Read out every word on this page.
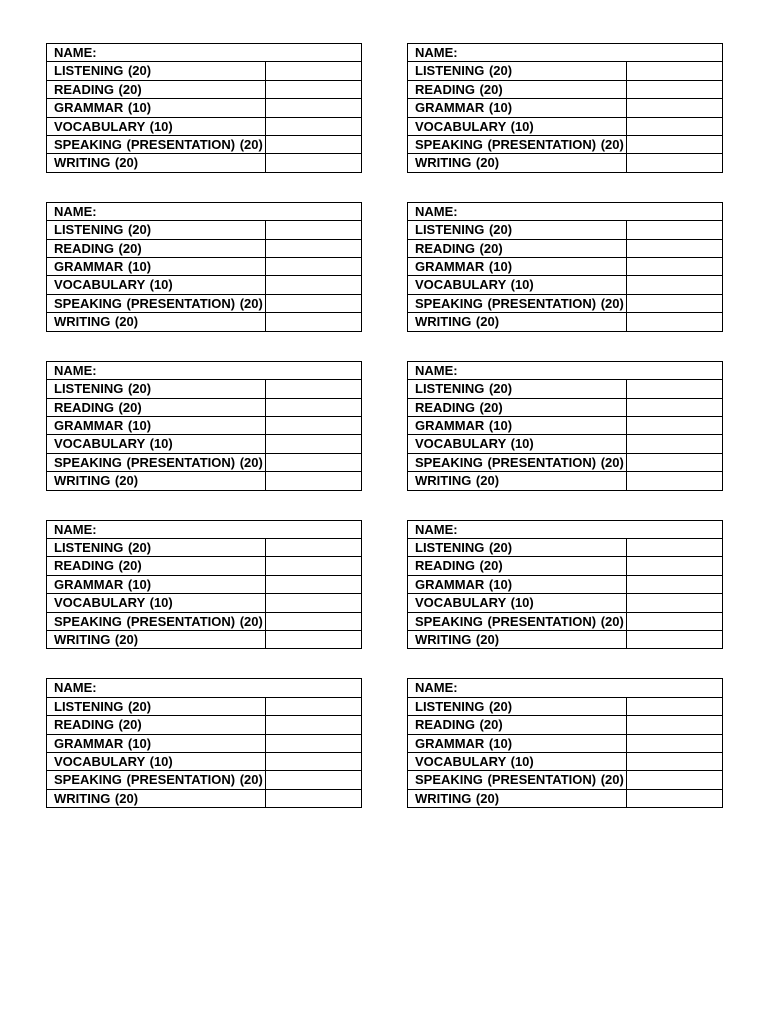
NAME:	
LISTENING (20)	
READING (20)	
GRAMMAR (10)	
VOCABULARY (10)	
SPEAKING (PRESENTATION) (20)	
WRITING (20)	
NAME:	
LISTENING (20)	
READING (20)	
GRAMMAR (10)	
VOCABULARY (10)	
SPEAKING (PRESENTATION) (20)	
WRITING (20)	
NAME:	
LISTENING (20)	
READING (20)	
GRAMMAR (10)	
VOCABULARY (10)	
SPEAKING (PRESENTATION) (20)	
WRITING (20)	
NAME:	
LISTENING (20)	
READING (20)	
GRAMMAR (10)	
VOCABULARY (10)	
SPEAKING (PRESENTATION) (20)	
WRITING (20)	
NAME:	
LISTENING (20)	
READING (20)	
GRAMMAR (10)	
VOCABULARY (10)	
SPEAKING (PRESENTATION) (20)	
WRITING (20)	
NAME:	
LISTENING (20)	
READING (20)	
GRAMMAR (10)	
VOCABULARY (10)	
SPEAKING (PRESENTATION) (20)	
WRITING (20)	
NAME:	
LISTENING (20)	
READING (20)	
GRAMMAR (10)	
VOCABULARY (10)	
SPEAKING (PRESENTATION) (20)	
WRITING (20)	
NAME:	
LISTENING (20)	
READING (20)	
GRAMMAR (10)	
VOCABULARY (10)	
SPEAKING (PRESENTATION) (20)	
WRITING (20)	
NAME:	
LISTENING (20)	
READING (20)	
GRAMMAR (10)	
VOCABULARY (10)	
SPEAKING (PRESENTATION) (20)	
WRITING (20)	
NAME:	
LISTENING (20)	
READING (20)	
GRAMMAR (10)	
VOCABULARY (10)	
SPEAKING (PRESENTATION) (20)	
WRITING (20)	
